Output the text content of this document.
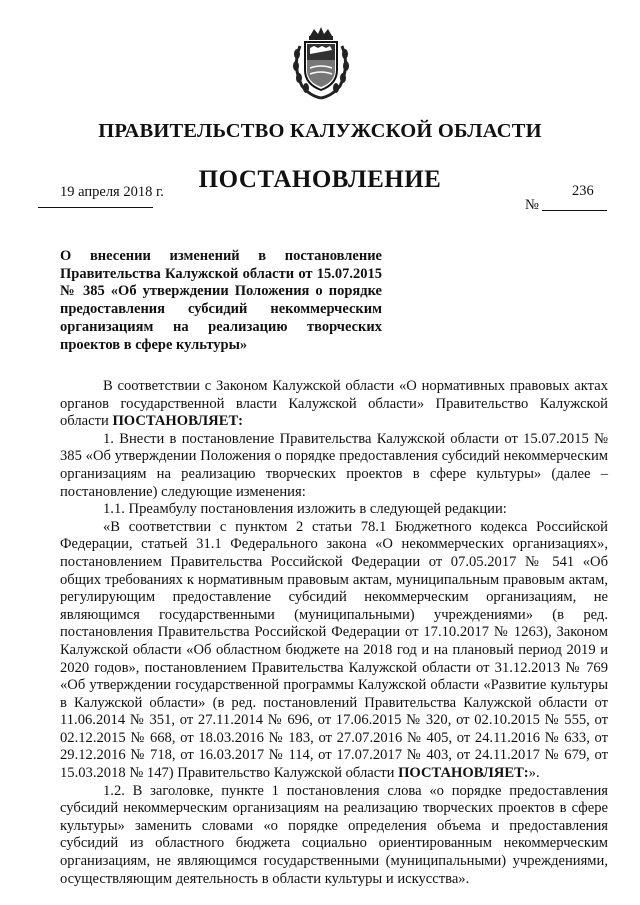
ПРАВИТЕЛЬСТВО КАЛУЖСКОЙ ОБЛАСТИ
ПОСТАНОВЛЕНИЕ
19 апреля 2018 г.	236
№
О внесении изменений в постановление Правительства Калужской области от 15.07.2015 № 385 «Об утверждении Положения о порядке предоставления субсидий некоммерческим организациям на реализацию творческих проектов в сфере культуры»

В соответствии с Законом Калужской области «О нормативных правовых актах органов государственной власти Калужской области» Правительство Калужской области ПОСТАНОВЛЯЕТ:

1. Внести в постановление Правительства Калужской области от 15.07.2015 № 385 «Об утверждении Положения о порядке предоставления субсидий некоммерческим организациям на реализацию творческих проектов в сфере культуры» (далее – постановление) следующие изменения:

1.1. Преамбулу постановления изложить в следующей редакции:

«В соответствии с пунктом 2 статьи 78.1 Бюджетного кодекса Российской Федерации, статьей 31.1 Федерального закона «О некоммерческих организациях», постановлением Правительства Российской Федерации от 07.05.2017 № 541 «Об общих требованиях к нормативным правовым актам, муниципальным правовым актам, регулирующим предоставление субсидий некоммерческим организациям, не являющимся государственными (муниципальными) учреждениями» (в ред. постановления Правительства Российской Федерации от 17.10.2017 № 1263), Законом Калужской области «Об областном бюджете на 2018 год и на плановый период 2019 и 2020 годов», постановлением Правительства Калужской области от 31.12.2013 № 769 «Об утверждении государственной программы Калужской области «Развитие культуры в Калужской области» (в ред. постановлений Правительства Калужской области от 11.06.2014 № 351, от 27.11.2014 № 696, от 17.06.2015 № 320, от 02.10.2015 № 555, от 02.12.2015 № 668, от 18.03.2016 № 183, от 27.07.2016 № 405, от 24.11.2016 № 633, от 29.12.2016 № 718, от 16.03.2017 № 114, от 17.07.2017 № 403, от 24.11.2017 № 679, от 15.03.2018 № 147) Правительство Калужской области ПОСТАНОВЛЯЕТ:».

1.2. В заголовке, пункте 1 постановления слова «о порядке предоставления субсидий некоммерческим организациям на реализацию творческих проектов в сфере культуры» заменить словами «о порядке определения объема и предоставления субсидий из областного бюджета социально ориентированным некоммерческим организациям, не являющимся государственными (муниципальными) учреждениями, осуществляющим деятельность в области культуры и искусства».
